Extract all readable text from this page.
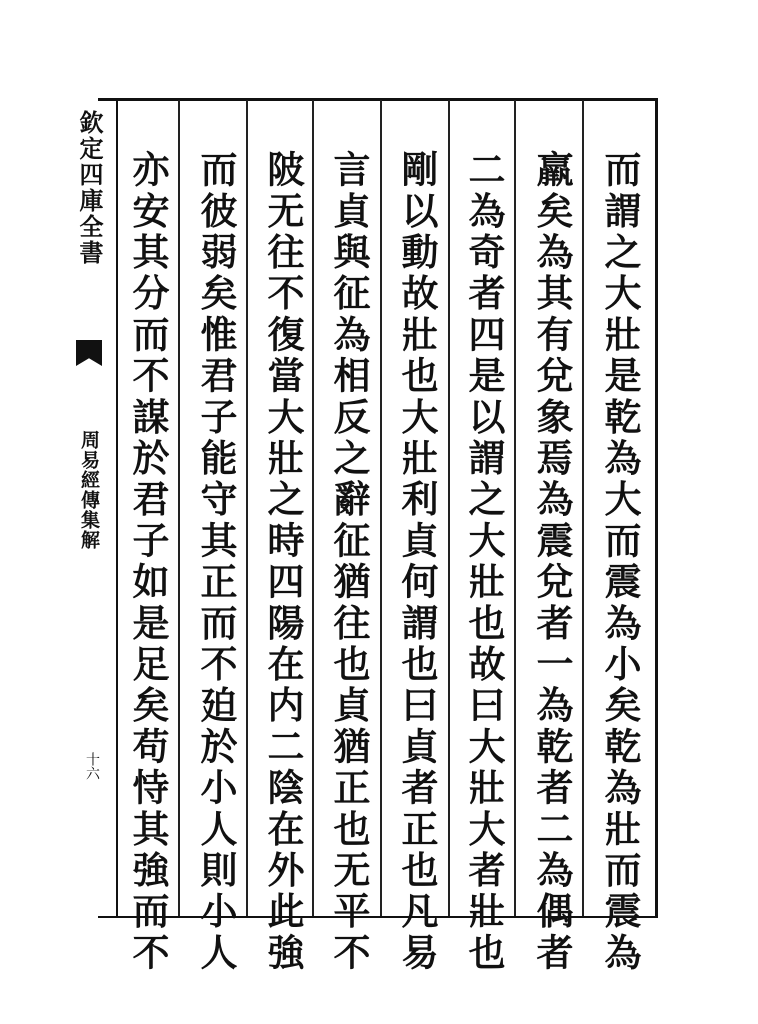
欽定四庫全書
周易經傳集解
十六	而謂之大壯是乾為大而震為小矣乾為壯而震為
羸矣為其有兌象焉為震兌者一為乾者二為偶者
二為奇者四是以謂之大壯也故曰大壯大者壯也
剛以動故壯也大壯利貞何謂也曰貞者正也凡易
言貞與征為相反之辭征猶往也貞猶正也无平不
陂无往不復當大壯之時四陽在内二陰在外此強
而彼弱矣惟君子能守其正而不廹於小人則小人
亦安其分而不謀於君子如是足矣苟恃其強而不
